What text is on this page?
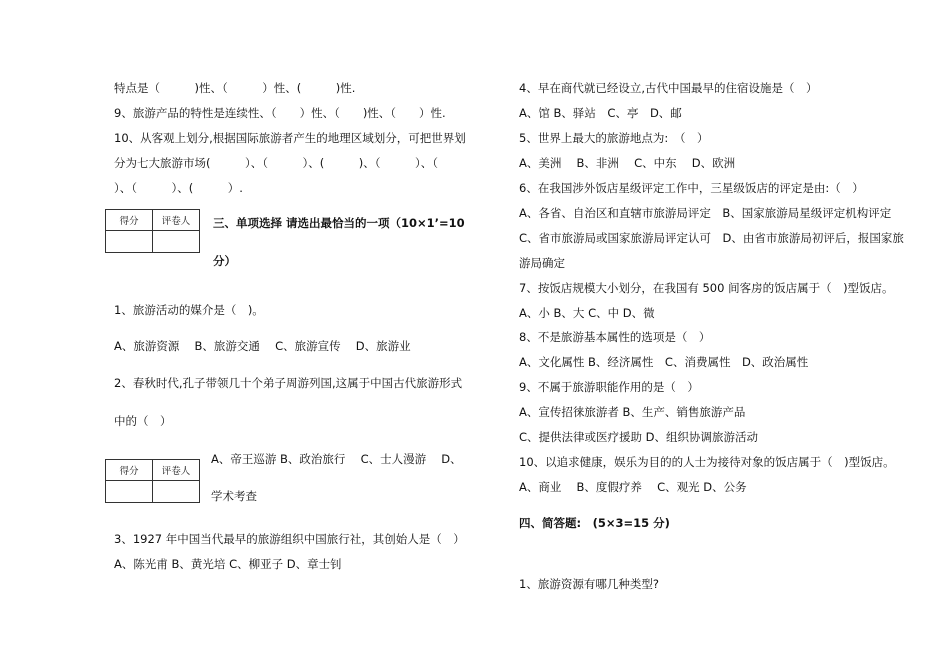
特点是（　　　)性、（　　　）性、(　　　)性.
9、旅游产品的特性是连续性、（　　）性、（　　)性、（　　）性.
10、从客观上划分,根据国际旅游者产生的地理区域划分，可把世界划
分为七大旅游市场(　　　）、（　　　）、(　　　)、（　　　）、（
）、（　　　）、(　　　）.
得分	评卷人
	三、单项选择 请选出最恰当的一项（10×1’=10
分）
1、旅游活动的媒介是（　)。
A、旅游资源　 B、旅游交通　 C、旅游宣传　 D、旅游业
2、春秋时代,孔子带领几十个弟子周游列国,这属于中国古代旅游形式
中的（　）
得分	评卷人

A、帝王巡游 B、政治旅行　 C、士人漫游　 D、
学术考查
3、1927 年中国当代最早的旅游组织中国旅行社，其创始人是（　）
A、陈光甫 B、黄光培 C、柳亚子 D、章士钊
4、早在商代就已经设立,古代中国最早的住宿设施是（　）
A、馆 B、驿站　C、亭　D、邮
5、世界上最大的旅游地点为:　（　）
A、美洲　 B、非洲　 C、中东　 D、欧洲
6、在我国涉外饭店星级评定工作中，三星级饭店的评定是由:（　）
A、各省、自治区和直辖市旅游局评定　B、国家旅游局星级评定机构评定
C、省市旅游局或国家旅游局评定认可　D、由省市旅游局初评后，报国家旅
游局确定
7、按饭店规模大小划分，在我国有 500 间客房的饭店属于（　)型饭店。
A、小 B、大 C、中 D、微
8、不是旅游基本属性的选项是（　）
A、文化属性 B、经济属性　C、消费属性　D、政治属性
9、不属于旅游职能作用的是（　）
A、宣传招徕旅游者 B、生产、销售旅游产品
C、提供法律或医疗援助 D、组织协调旅游活动
10、以追求健康，娱乐为目的的人士为接待对象的饭店属于（　)型饭店。
A、商业　 B、度假疗养　 C、观光 D、公务
四、简答题:　(5×3=15 分)
1、旅游资源有哪几种类型?
